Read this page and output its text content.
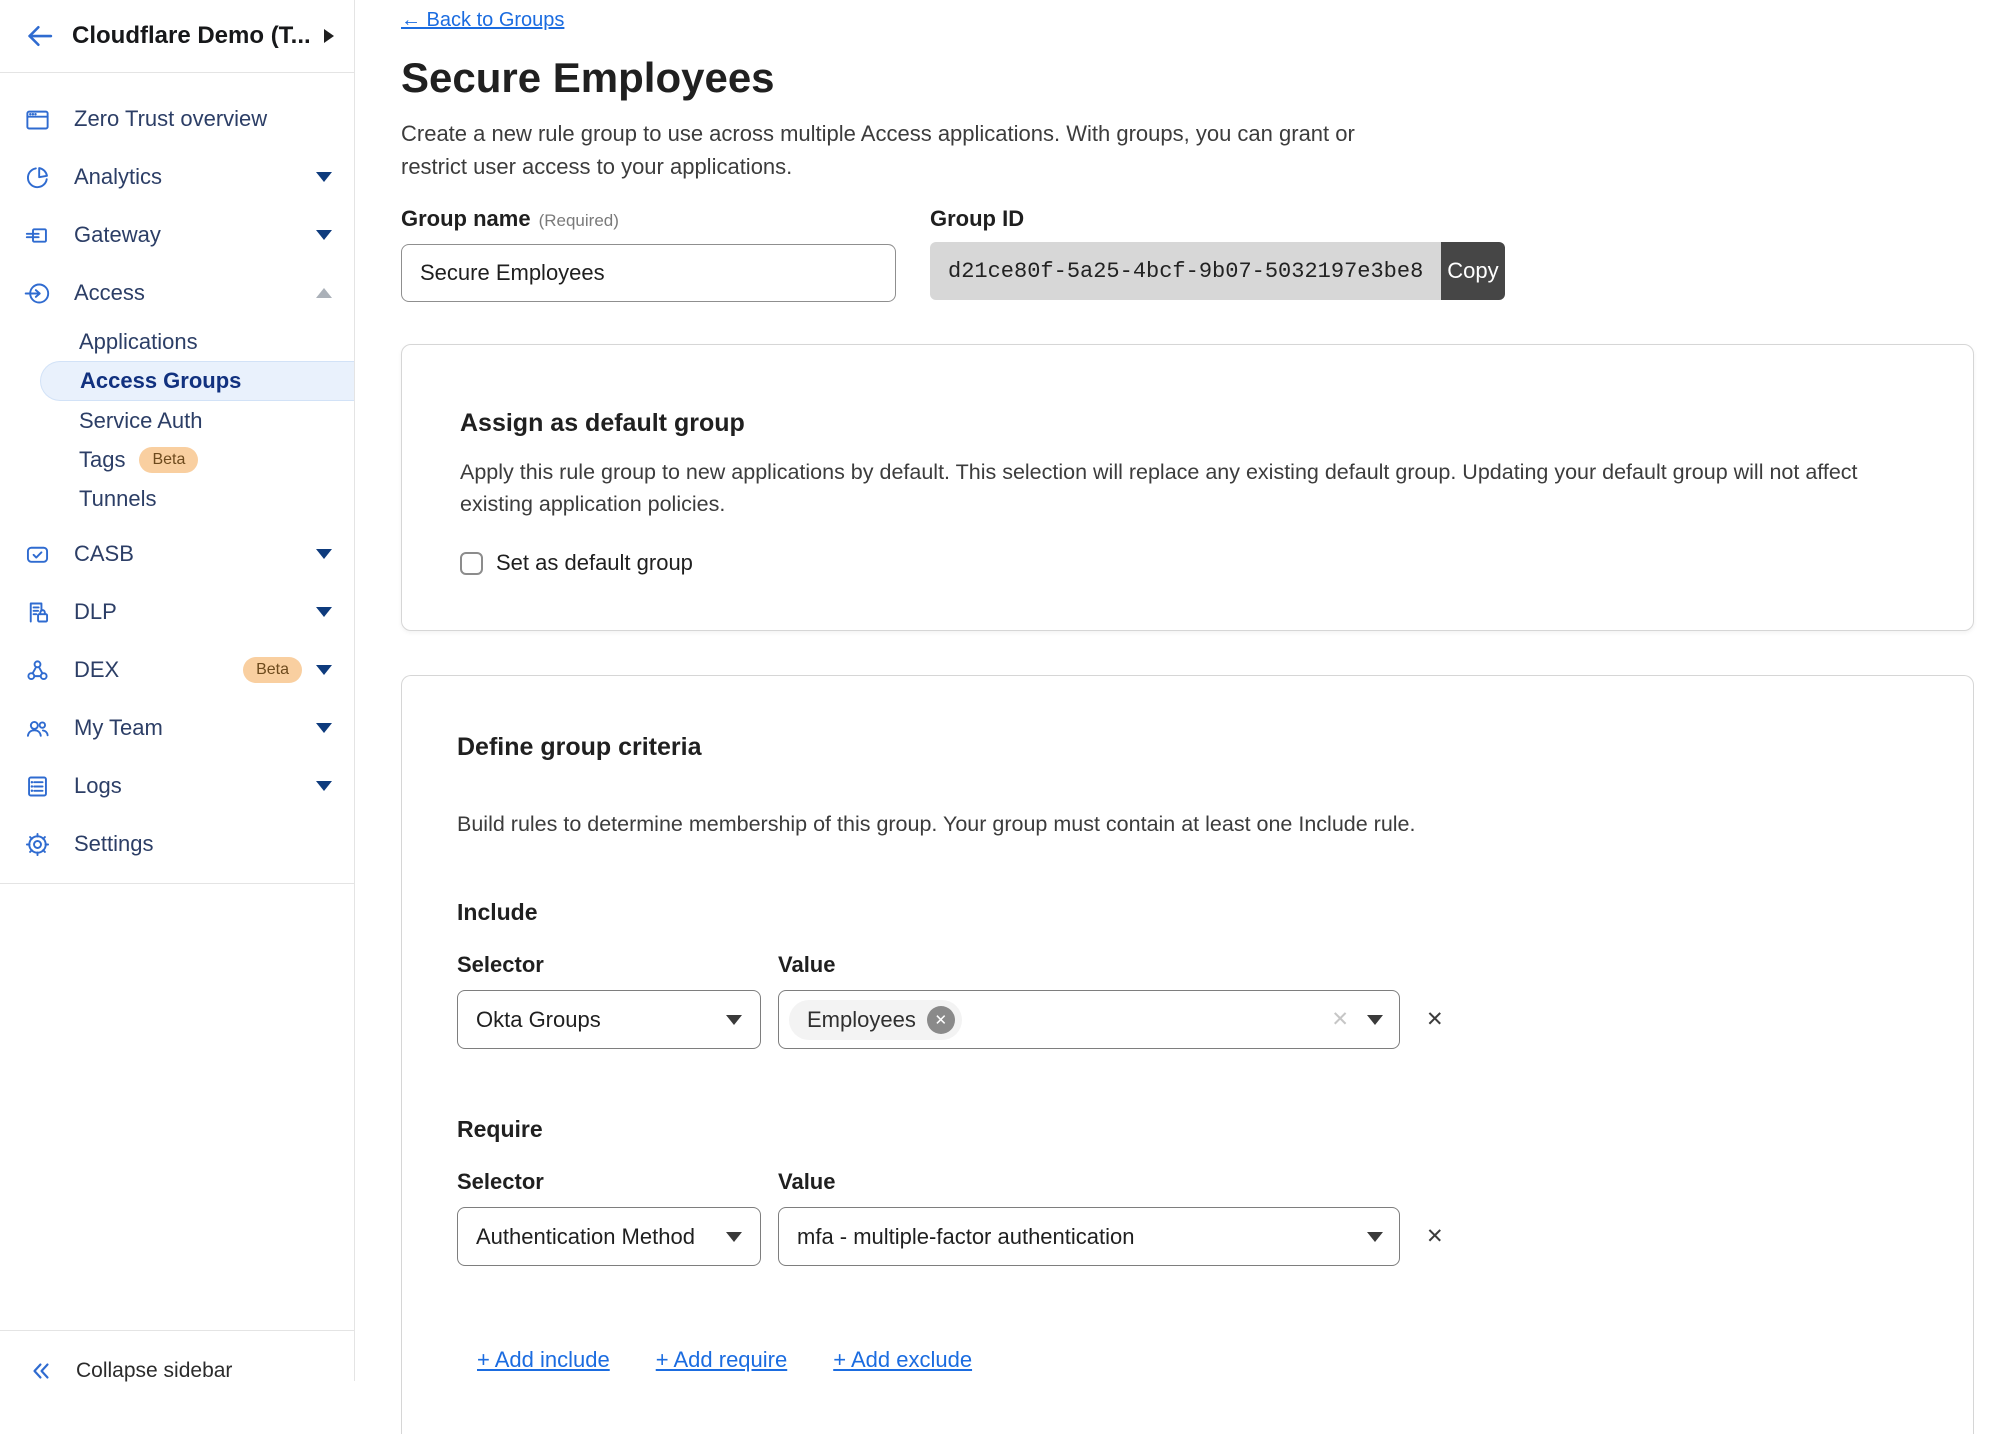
Cloudflare Demo (T...
Zero Trust overview
Analytics
Gateway
Access
Applications
Access Groups
Service Auth
Tags	Beta
Tunnels
CASB
DLP
DEX	Beta
My Team
Logs
Settings
Collapse sidebar
← Back to Groups
Secure Employees
Create a new rule group to use across multiple Access applications. With groups, you can grant or restrict user access to your applications.
Group name (Required)
Secure Employees	Group ID
d21ce80f-5a25-4bcf-9b07-5032197e3be8	Copy
Assign as default group
Apply this rule group to new applications by default. This selection will replace any existing default group. Updating your default group will not affect existing application policies.
Set as default group
Define group criteria
Build rules to determine membership of this group. Your group must contain at least one Include rule.
Include
Selector	Value
Okta Groups	Employees	✕	✕	✕
Require
Selector	Value
Authentication Method	mfa - multiple-factor authentication	✕
+ Add include + Add require + Add exclude
